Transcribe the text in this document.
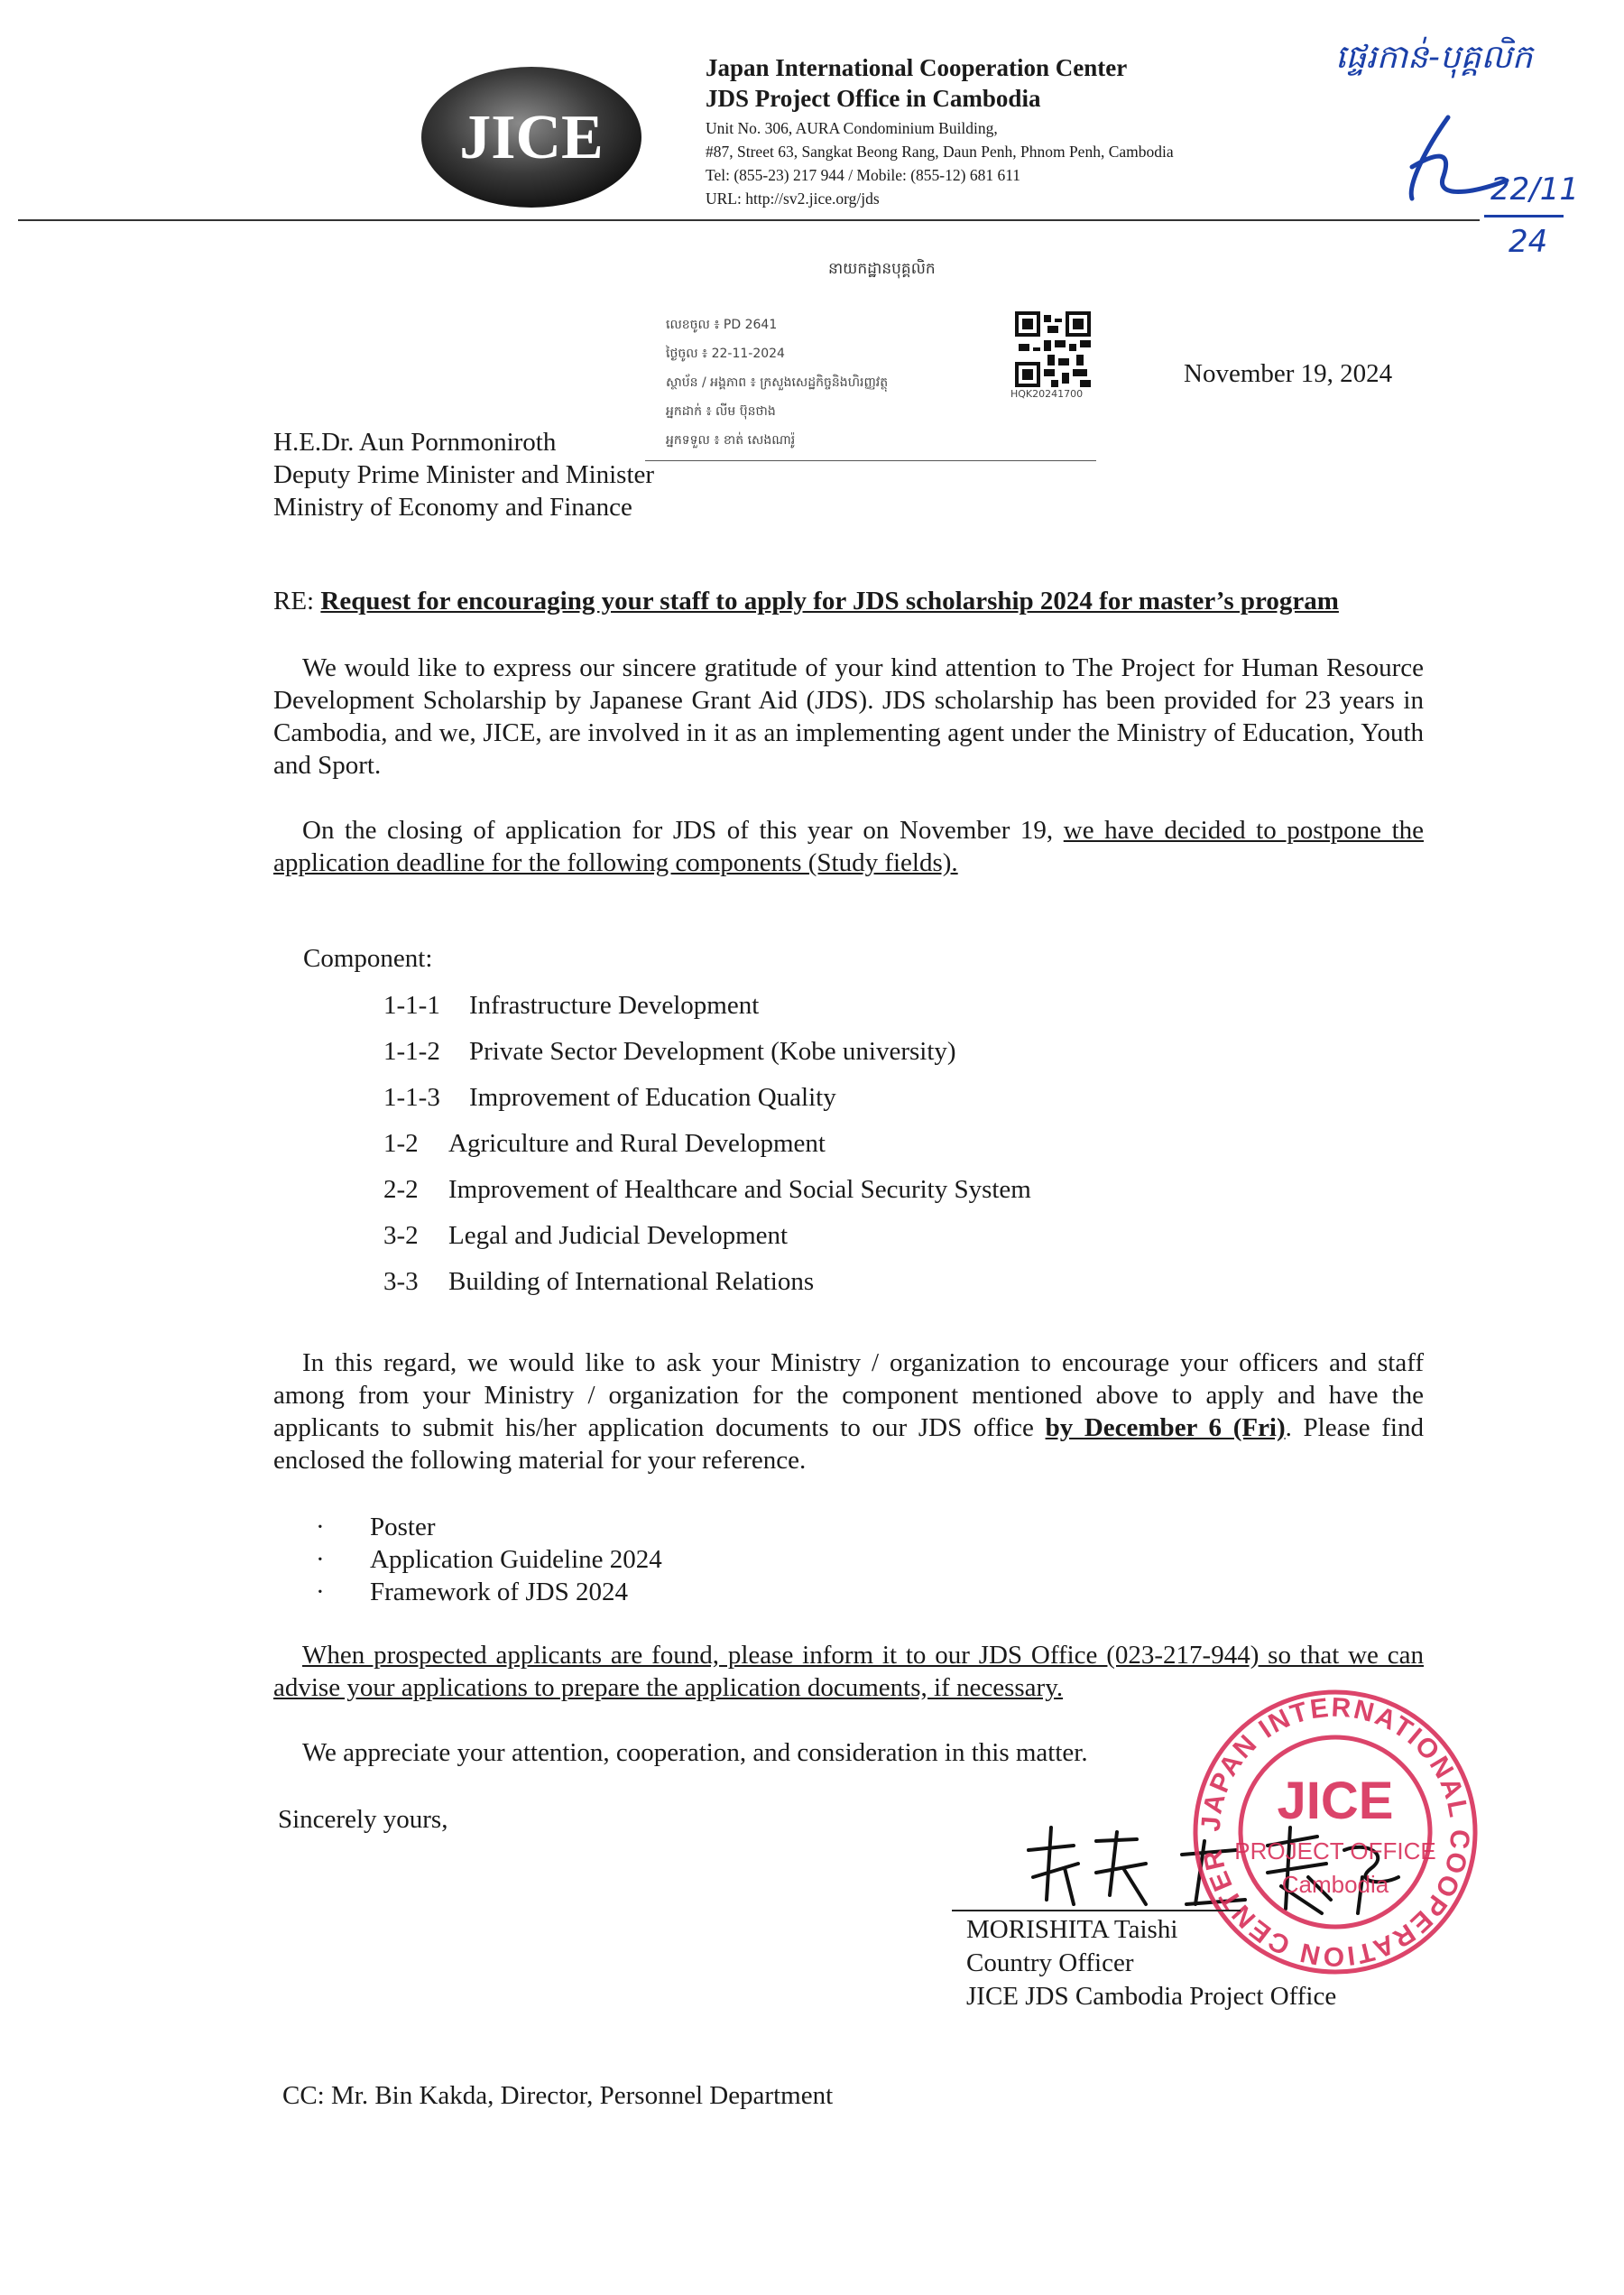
JICE
Japan International Cooperation Center
JDS Project Office in Cambodia
Unit No. 306, AURA Condominium Building,
#87, Street 63, Sangkat Beong Rang, Daun Penh, Phnom Penh, Cambodia
Tel: (855-23) 217 944 / Mobile: (855-12) 681 611
URL: http://sv2.jice.org/jds
ផ្ទេរកាន់-បុគ្គលិក
22/11
24
នាយកដ្ឋានបុគ្គលិក
លេខចូល ៖ PD 2641
ថ្ងៃចូល ៖ 22-11-2024
ស្ថាប័ន / អង្គភាព ៖ ក្រសួងសេដ្ឋកិច្ចនិងហិរញ្ញវត្ថុ
អ្នកដាក់ ៖ លីម ប៊ុនថាង
អ្នកទទួល ៖ ខាត់ សេងណារ៉ូ
HQK20241700
November 19, 2024
H.E.Dr. Aun Pornmoniroth
Deputy Prime Minister and Minister
Ministry of Economy and Finance
RE: Request for encouraging your staff to apply for JDS scholarship 2024 for master’s program
We would like to express our sincere gratitude of your kind attention to The Project for Human Resource Development Scholarship by Japanese Grant Aid (JDS). JDS scholarship has been provided for 23 years in Cambodia, and we, JICE, are involved in it as an implementing agent under the Ministry of Education, Youth and Sport.
On the closing of application for JDS of this year on November 19, we have decided to postpone the application deadline for the following components (Study fields).
Component:
1-1-1 Infrastructure Development
1-1-2 Private Sector Development (Kobe university)
1-1-3 Improvement of Education Quality
1-2 Agriculture and Rural Development
2-2 Improvement of Healthcare and Social Security System
3-2 Legal and Judicial Development
3-3 Building of International Relations
In this regard, we would like to ask your Ministry / organization to encourage your officers and staff among from your Ministry / organization for the component mentioned above to apply and have the applicants to submit his/her application documents to our JDS office by December 6 (Fri). Please find enclosed the following material for your reference.
· Poster
· Application Guideline 2024
· Framework of JDS 2024
When prospected applicants are found, please inform it to our JDS Office (023-217-944) so that we can advise your applications to prepare the application documents, if necessary.
We appreciate your attention, cooperation, and consideration in this matter.
Sincerely yours,	JAPAN INTERNATIONAL COOPERATION CENTER
JICE
PROJECT OFFICE
Cambodia
MORISHITA Taishi
Country Officer
JICE JDS Cambodia Project Office
CC: Mr. Bin Kakda, Director, Personnel Department
